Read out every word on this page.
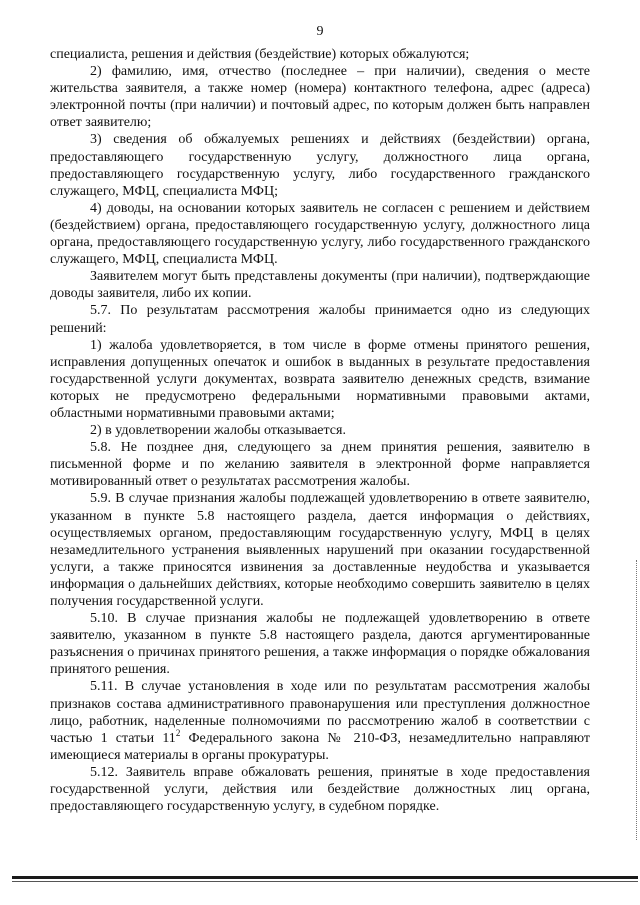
9

специалиста, решения и действия (бездействие) которых обжалуются;

2) фамилию, имя, отчество (последнее – при наличии), сведения о месте жительства заявителя, а также номер (номера) контактного телефона, адрес (адреса) электронной почты (при наличии) и почтовый адрес, по которым должен быть направлен ответ заявителю;

3) сведения об обжалуемых решениях и действиях (бездействии) органа, предоставляющего государственную услугу, должностного лица органа, предоставляющего государственную услугу, либо государственного гражданского служащего, МФЦ, специалиста МФЦ;

4) доводы, на основании которых заявитель не согласен с решением и действием (бездействием) органа, предоставляющего государственную услугу, должностного лица органа, предоставляющего государственную услугу, либо государственного гражданского служащего, МФЦ, специалиста МФЦ.

Заявителем могут быть представлены документы (при наличии), подтверждающие доводы заявителя, либо их копии.

5.7. По результатам рассмотрения жалобы принимается одно из следующих решений:

1) жалоба удовлетворяется, в том числе в форме отмены принятого решения, исправления допущенных опечаток и ошибок в выданных в результате предоставления государственной услуги документах, возврата заявителю денежных средств, взимание которых не предусмотрено федеральными нормативными правовыми актами, областными нормативными правовыми актами;

2) в удовлетворении жалобы отказывается.

5.8. Не позднее дня, следующего за днем принятия решения, заявителю в письменной форме и по желанию заявителя в электронной форме направляется мотивированный ответ о результатах рассмотрения жалобы.

5.9. В случае признания жалобы подлежащей удовлетворению в ответе заявителю, указанном в пункте 5.8 настоящего раздела, дается информация о действиях, осуществляемых органом, предоставляющим государственную услугу, МФЦ в целях незамедлительного устранения выявленных нарушений при оказании государственной услуги, а также приносятся извинения за доставленные неудобства и указывается информация о дальнейших действиях, которые необходимо совершить заявителю в целях получения государственной услуги.

5.10. В случае признания жалобы не подлежащей удовлетворению в ответе заявителю, указанном в пункте 5.8 настоящего раздела, даются аргументированные разъяснения о причинах принятого решения, а также информация о порядке обжалования принятого решения.

5.11. В случае установления в ходе или по результатам рассмотрения жалобы признаков состава административного правонарушения или преступления должностное лицо, работник, наделенные полномочиями по рассмотрению жалоб в соответствии с частью 1 статьи $11^2$ Федерального закона № 210-ФЗ, незамедлительно направляют имеющиеся материалы в органы прокуратуры.

5.12. Заявитель вправе обжаловать решения, принятые в ходе предоставления государственной услуги, действия или бездействие должностных лиц органа, предоставляющего государственную услугу, в судебном порядке.
